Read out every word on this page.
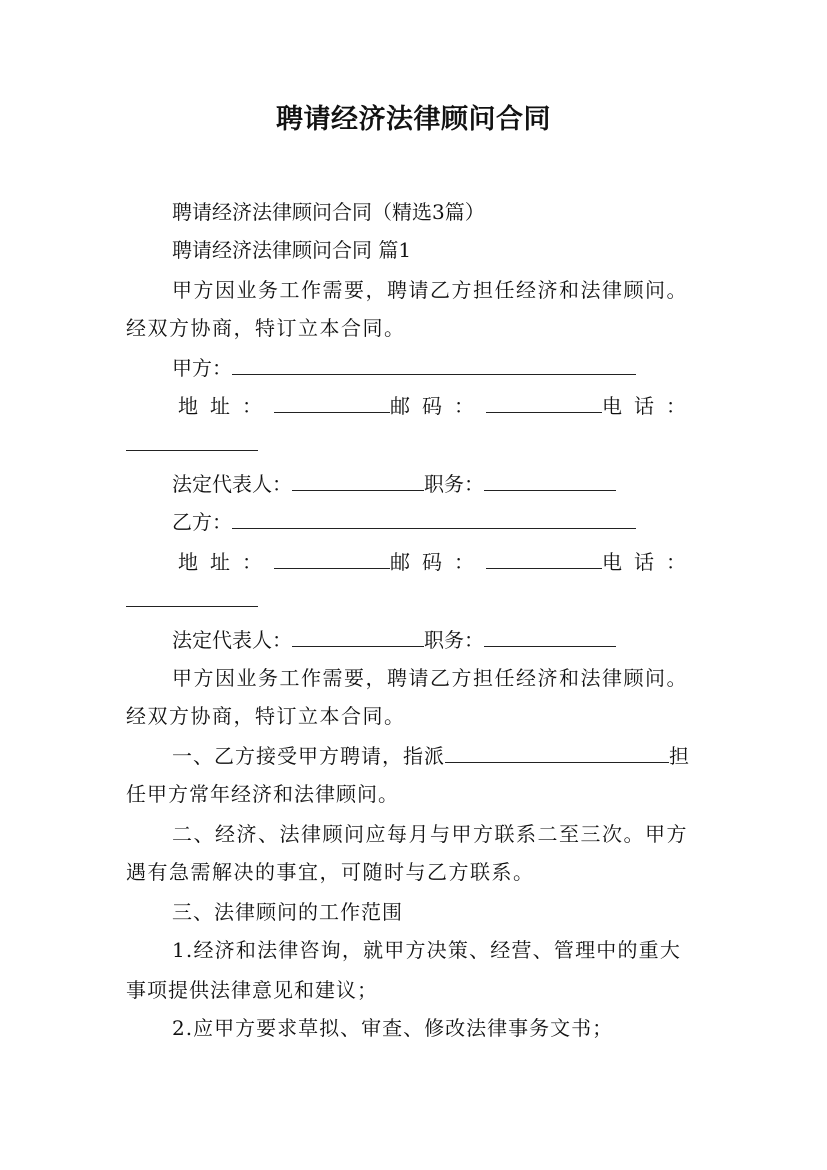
聘请经济法律顾问合同
聘请经济法律顾问合同（精选3篇）
聘请经济法律顾问合同 篇1
甲方因业务工作需要，聘请乙方担任经济和法律顾问。
经双方协商，特订立本合同。
甲方：
地址：	邮码：	电话：
法定代表人：	职务：
乙方：
地址：	邮码：	电话：
法定代表人：	职务：
甲方因业务工作需要，聘请乙方担任经济和法律顾问。
经双方协商，特订立本合同。
一、乙方接受甲方聘请，指派	担
任甲方常年经济和法律顾问。
二、经济、法律顾问应每月与甲方联系二至三次。甲方
遇有急需解决的事宜，可随时与乙方联系。
三、法律顾问的工作范围
1.经济和法律咨询，就甲方决策、经营、管理中的重大
事项提供法律意见和建议；
2.应甲方要求草拟、审查、修改法律事务文书；
